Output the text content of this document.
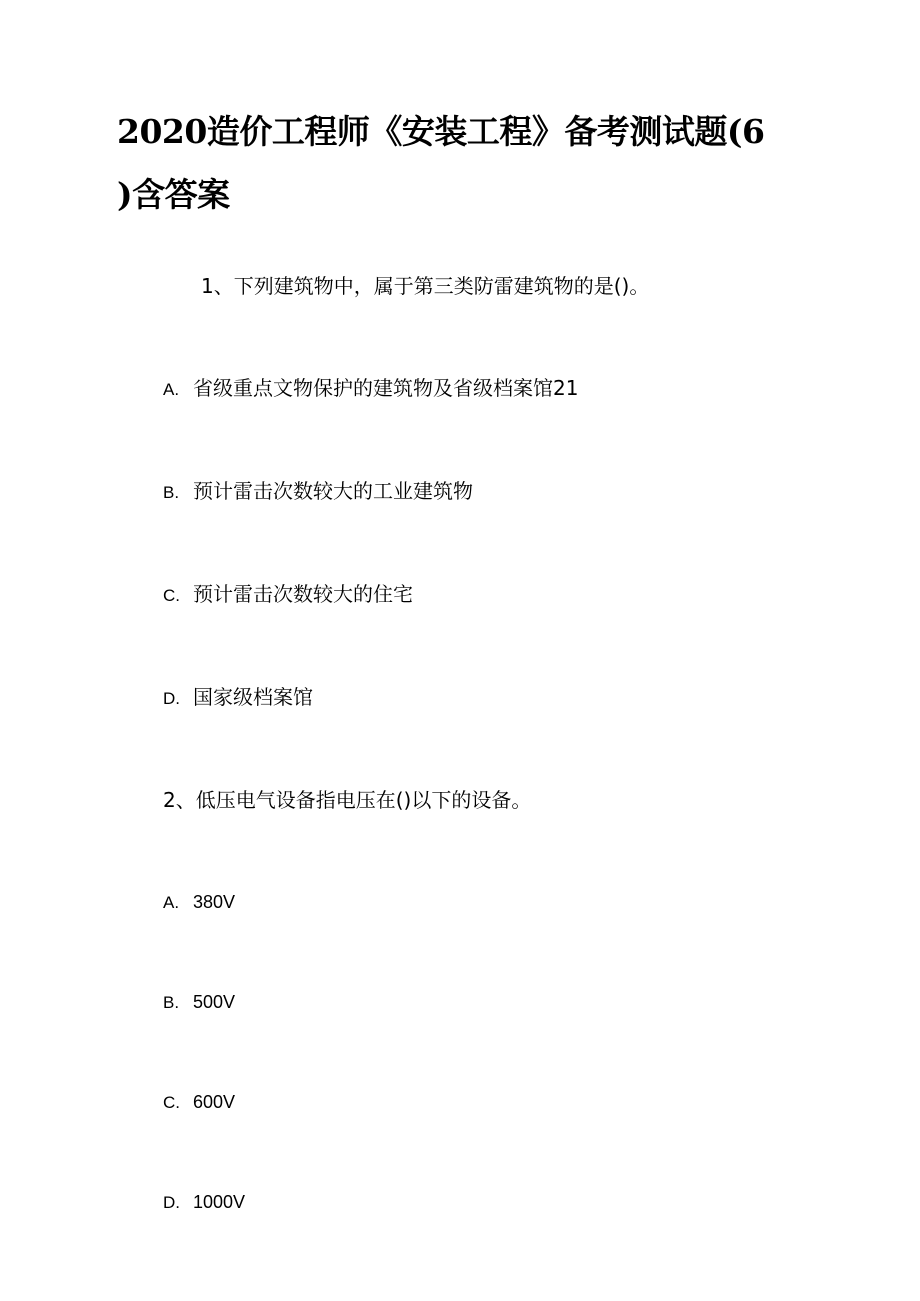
2020造价工程师《安装工程》备考测试题(6
)含答案
1、下列建筑物中，属于第三类防雷建筑物的是()。
A. 省级重点文物保护的建筑物及省级档案馆21
B. 预计雷击次数较大的工业建筑物
C. 预计雷击次数较大的住宅
D. 国家级档案馆
2、低压电气设备指电压在()以下的设备。
A. 380V
B. 500V
C. 600V
D. 1000V
